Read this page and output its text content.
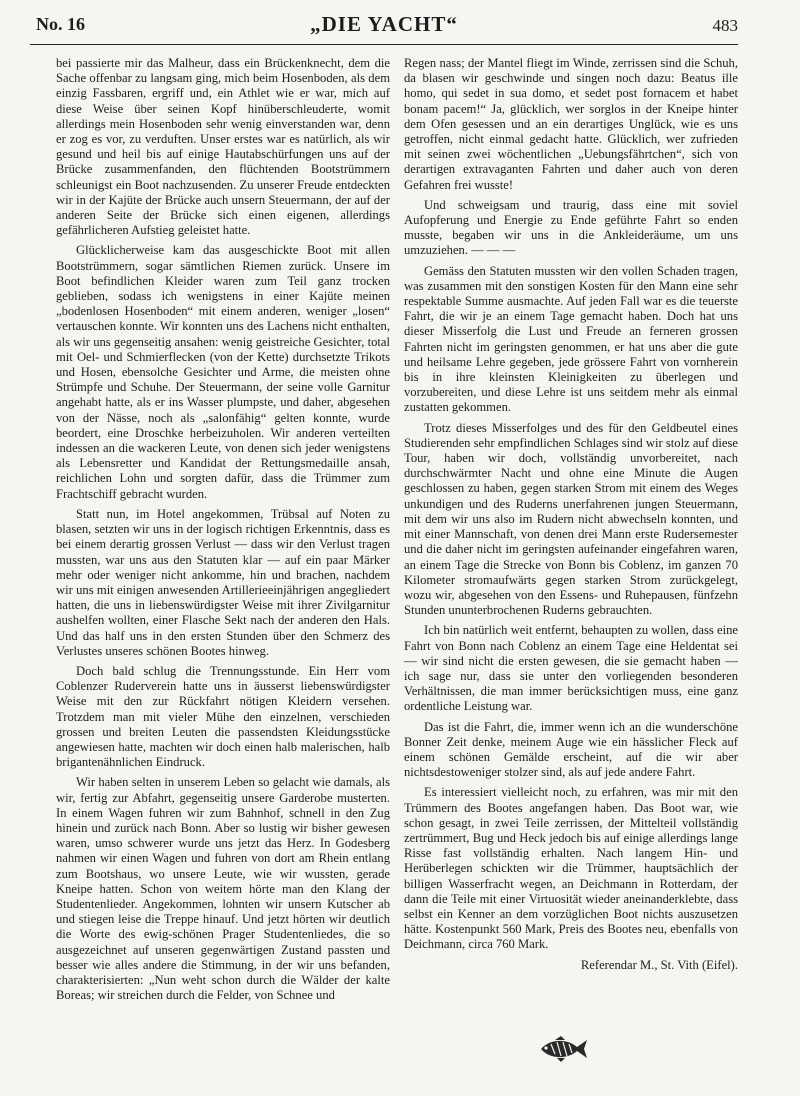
No. 16	„DIE YACHT“	483

bei passierte mir das Malheur, dass ein Brückenknecht, dem die Sache offenbar zu langsam ging, mich beim Hosenboden, als dem einzig Fassbaren, ergriff und, ein Athlet wie er war, mich auf diese Weise über seinen Kopf hinüberschleuderte, womit allerdings mein Hosenboden sehr wenig einverstanden war, denn er zog es vor, zu verduften. Unser erstes war es natürlich, als wir gesund und heil bis auf einige Hautabschürfungen uns auf der Brücke zusammenfanden, den flüchtenden Bootstrümmern schleunigst ein Boot nachzusenden. Zu unserer Freude entdeckten wir in der Kajüte der Brücke auch unsern Steuermann, der auf der anderen Seite der Brücke sich einen eigenen, allerdings gefährlicheren Aufstieg geleistet hatte.

Glücklicherweise kam das ausgeschickte Boot mit allen Bootstrümmern, sogar sämtlichen Riemen zurück. Unsere im Boot befindlichen Kleider waren zum Teil ganz trocken geblieben, sodass ich wenigstens in einer Kajüte meinen „bodenlosen Hosenboden“ mit einem anderen, weniger „losen“ vertauschen konnte. Wir konnten uns des Lachens nicht enthalten, als wir uns gegenseitig ansahen: wenig geistreiche Gesichter, total mit Oel- und Schmierflecken (von der Kette) durchsetzte Trikots und Hosen, ebensolche Gesichter und Arme, die meisten ohne Strümpfe und Schuhe. Der Steuermann, der seine volle Garnitur angehabt hatte, als er ins Wasser plumpste, und daher, abgesehen von der Nässe, noch als „salonfähig“ gelten konnte, wurde beordert, eine Droschke herbeizuholen. Wir anderen verteilten indessen an die wackeren Leute, von denen sich jeder wenigstens als Lebensretter und Kandidat der Rettungsmedaille ansah, reichlichen Lohn und sorgten dafür, dass die Trümmer zum Frachtschiff gebracht wurden.

Statt nun, im Hotel angekommen, Trübsal auf Noten zu blasen, setzten wir uns in der logisch richtigen Erkenntnis, dass es bei einem derartig grossen Verlust — dass wir den Verlust tragen mussten, war uns aus den Statuten klar — auf ein paar Märker mehr oder weniger nicht ankomme, hin und brachen, nachdem wir uns mit einigen anwesenden Artillerieeinjährigen angegliedert hatten, die uns in liebenswürdigster Weise mit ihrer Zivilgarnitur aushelfen wollten, einer Flasche Sekt nach der anderen den Hals. Und das half uns in den ersten Stunden über den Schmerz des Verlustes unseres schönen Bootes hinweg.

Doch bald schlug die Trennungsstunde. Ein Herr vom Coblenzer Ruderverein hatte uns in äusserst liebenswürdigster Weise mit den zur Rückfahrt nötigen Kleidern versehen. Trotzdem man mit vieler Mühe den einzelnen, verschieden grossen und breiten Leuten die passendsten Kleidungsstücke angewiesen hatte, machten wir doch einen halb malerischen, halb brigantenähnlichen Eindruck.

Wir haben selten in unserem Leben so gelacht wie damals, als wir, fertig zur Abfahrt, gegenseitig unsere Garderobe musterten. In einem Wagen fuhren wir zum Bahnhof, schnell in den Zug hinein und zurück nach Bonn. Aber so lustig wir bisher gewesen waren, umso schwerer wurde uns jetzt das Herz. In Godesberg nahmen wir einen Wagen und fuhren von dort am Rhein entlang zum Bootshaus, wo unsere Leute, wie wir wussten, gerade Kneipe hatten. Schon von weitem hörte man den Klang der Studentenlieder. Angekommen, lohnten wir unsern Kutscher ab und stiegen leise die Treppe hinauf. Und jetzt hörten wir deutlich die Worte des ewig-schönen Prager Studentenliedes, die so ausgezeichnet auf unseren gegenwärtigen Zustand passten und besser wie alles andere die Stimmung, in der wir uns befanden, charakterisierten: „Nun weht schon durch die Wälder der kalte Boreas; wir streichen durch die Felder, von Schnee und

Regen nass; der Mantel fliegt im Winde, zerrissen sind die Schuh, da blasen wir geschwinde und singen noch dazu: Beatus ille homo, qui sedet in sua domo, et sedet post fornacem et habet bonam pacem!“ Ja, glücklich, wer sorglos in der Kneipe hinter dem Ofen gesessen und an ein derartiges Unglück, wie es uns getroffen, nicht einmal gedacht hatte. Glücklich, wer zufrieden mit seinen zwei wöchentlichen „Uebungsfährtchen“, sich von derartigen extravaganten Fahrten und daher auch von deren Gefahren frei wusste!

Und schweigsam und traurig, dass eine mit soviel Aufopferung und Energie zu Ende geführte Fahrt so enden musste, begaben wir uns in die Ankleideräume, um uns umzuziehen. — — —

Gemäss den Statuten mussten wir den vollen Schaden tragen, was zusammen mit den sonstigen Kosten für den Mann eine sehr respektable Summe ausmachte. Auf jeden Fall war es die teuerste Fahrt, die wir je an einem Tage gemacht haben. Doch hat uns dieser Misserfolg die Lust und Freude an ferneren grossen Fahrten nicht im geringsten genommen, er hat uns aber die gute und heilsame Lehre gegeben, jede grössere Fahrt von vornherein bis in ihre kleinsten Kleinigkeiten zu überlegen und vorzubereiten, und diese Lehre ist uns seitdem mehr als einmal zustatten gekommen.

Trotz dieses Misserfolges und des für den Geldbeutel eines Studierenden sehr empfindlichen Schlages sind wir stolz auf diese Tour, haben wir doch, vollständig unvorbereitet, nach durchschwärmter Nacht und ohne eine Minute die Augen geschlossen zu haben, gegen starken Strom mit einem des Weges unkundigen und des Ruderns unerfahrenen jungen Steuermann, mit dem wir uns also im Rudern nicht abwechseln konnten, und mit einer Mannschaft, von denen drei Mann erste Rudersemester und die daher nicht im geringsten aufeinander eingefahren waren, an einem Tage die Strecke von Bonn bis Coblenz, im ganzen 70 Kilometer stromaufwärts gegen starken Strom zurückgelegt, wozu wir, abgesehen von den Essens- und Ruhepausen, fünfzehn Stunden ununterbrochenen Ruderns gebrauchten.

Ich bin natürlich weit entfernt, behaupten zu wollen, dass eine Fahrt von Bonn nach Coblenz an einem Tage eine Heldentat sei — wir sind nicht die ersten gewesen, die sie gemacht haben — ich sage nur, dass sie unter den vorliegenden besonderen Verhältnissen, die man immer berücksichtigen muss, eine ganz ordentliche Leistung war.

Das ist die Fahrt, die, immer wenn ich an die wunderschöne Bonner Zeit denke, meinem Auge wie ein hässlicher Fleck auf einem schönen Gemälde erscheint, auf die wir aber nichtsdestoweniger stolzer sind, als auf jede andere Fahrt.

Es interessiert vielleicht noch, zu erfahren, was mir mit den Trümmern des Bootes angefangen haben. Das Boot war, wie schon gesagt, in zwei Teile zerrissen, der Mittelteil vollständig zertrümmert, Bug und Heck jedoch bis auf einige allerdings lange Risse fast vollständig erhalten. Nach langem Hin- und Herüberlegen schickten wir die Trümmer, hauptsächlich der billigen Wasserfracht wegen, an Deichmann in Rotterdam, der dann die Teile mit einer Virtuosität wieder aneinanderklebte, dass selbst ein Kenner an dem vorzüglichen Boot nichts auszusetzen hätte. Kostenpunkt 560 Mark, Preis des Bootes neu, ebenfalls von Deichmann, circa 760 Mark.

Referendar M., St. Vith (Eifel).
